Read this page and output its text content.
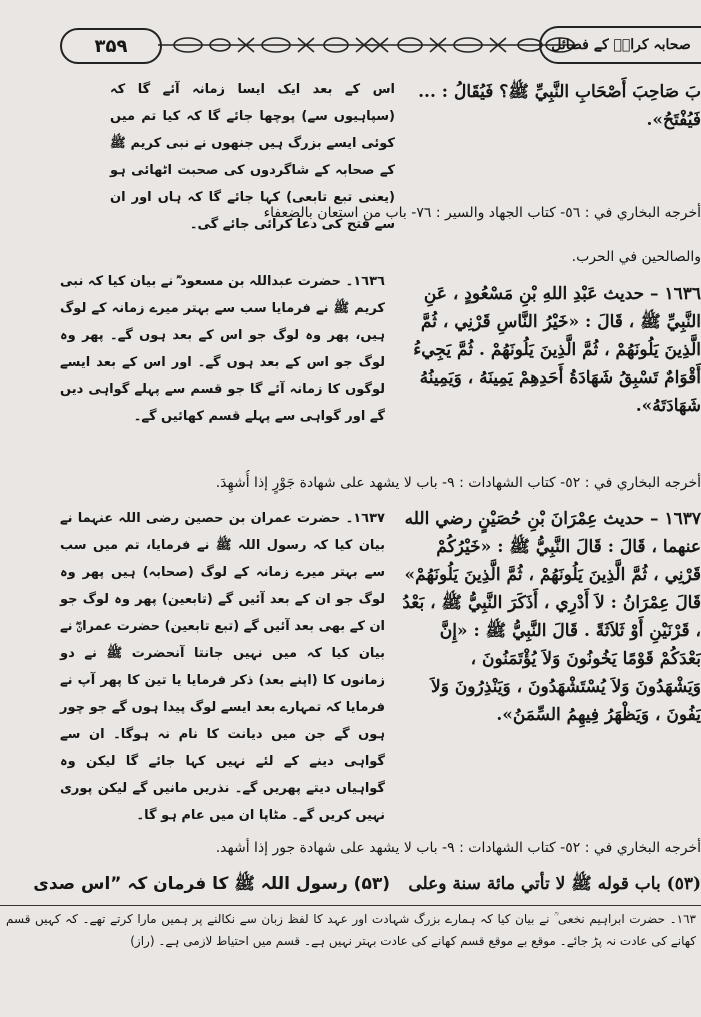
۳۵۹	صحابہ کرامؓ کے فضائل
بَ صَاحِبَ أَصْحَابِ النَّبِيِّ ﷺ؟ فَيُقَالُ : ... فَيُفْتَحُ».
اس کے بعد ایک ایسا زمانہ آئے گا کہ (سپاہیوں سے) پوچھا جائے گا کہ کیا تم میں کوئی ایسے بزرگ ہیں جنھوں نے نبی کریم ﷺ کے صحابہ کے شاگردوں کی صحبت اٹھائی ہو (یعنی تبع تابعی) کہا جائے گا کہ ہاں اور ان سے فتح کی دعا کرائی جائے گی۔
أخرجه البخاري في : ٥٦- كتاب الجهاد والسير : ٧٦- باب من استعان بالضعفاء
والصالحين في الحرب.
١٦٣٦ – حديث عَبْدِ اللهِ بْنِ مَسْعُودٍ ، عَنِ النَّبِيِّ ﷺ ، قَالَ : «خَيْرُ النَّاسِ قَرْنِي ، ثُمَّ الَّذِينَ يَلُونَهُمْ ، ثُمَّ الَّذِينَ يَلُونَهُمْ . ثُمَّ يَجِيءُ أَقْوَامٌ تَسْبِقُ شَهَادَةُ أَحَدِهِمْ يَمِينَهُ ، وَيَمِينُهُ شَهَادَتَهُ».
١٦٣٦۔ حضرت عبداللہ بن مسعود ؓ نے بیان کیا کہ نبی کریم ﷺ نے فرمایا سب سے بہتر میرے زمانہ کے لوگ ہیں، پھر وہ لوگ جو اس کے بعد ہوں گے۔ پھر وہ لوگ جو اس کے بعد ہوں گے۔ اور اس کے بعد ایسے لوگوں کا زمانہ آئے گا جو قسم سے پہلے گواہی دیں گے اور گواہی سے پہلے قسم کھائیں گے۔
أخرجه البخاري في : ٥٢- كتاب الشهادات : ٩- باب لا يشهد على شهادة جَوْرٍ إذا أُشهِدَ.
١٦٣٧ – حديث عِمْرَانَ بْنِ حُصَيْنٍ رضي الله عنهما ، قَالَ : قَالَ النَّبِيُّ ﷺ : «خَيْرُكُمْ قَرْنِي ، ثُمَّ الَّذِينَ يَلُونَهُمْ ، ثُمَّ الَّذِينَ يَلُونَهُمْ» قَالَ عِمْرَانُ : لاَ أَدْرِي ، أَذَكَرَ النَّبِيُّ ﷺ ، بَعْدُ ، قَرْنَيْنِ أَوْ ثَلاَثَةً . قَالَ النَّبِيُّ ﷺ : «إِنَّ بَعْدَكُمْ قَوْمًا يَخُونُونَ وَلاَ يُؤْتَمَنُونَ ، وَيَشْهَدُونَ وَلاَ يُسْتَشْهَدُونَ ، وَيَنْذِرُونَ وَلاَ يَفُونَ ، وَيَظْهَرُ فِيهِمُ السِّمَنُ».
١٦٣٧۔ حضرت عمران بن حصین رضی اللہ عنہما نے بیان کیا کہ رسول اللہ ﷺ نے فرمایا، تم میں سب سے بہتر میرے زمانہ کے لوگ (صحابہ) ہیں پھر وہ لوگ جو ان کے بعد آئیں گے (تابعین) پھر وہ لوگ جو ان کے بھی بعد آئیں گے (تبع تابعین) حضرت عمرانؓ نے بیان کیا کہ میں نہیں جانتا آنحضرت ﷺ نے دو زمانوں کا (اپنے بعد) ذکر فرمایا یا تین کا پھر آپ نے فرمایا کہ تمہارے بعد ایسے لوگ پیدا ہوں گے جو چور ہوں گے جن میں دیانت کا نام نہ ہوگا۔ ان سے گواہی دینے کے لئے نہیں کہا جائے گا لیکن وہ گواہیاں دیتے پھریں گے۔ نذریں مانیں گے لیکن پوری نہیں کریں گے۔ مٹاپا ان میں عام ہو گا۔
أخرجه البخاري في : ٥٢- كتاب الشهادات : ٩- باب لا يشهد على شهادة جور إذا أشهد.
(٥٣) باب قوله ﷺ لا تأتي مائة سنة وعلى
(۵۳) رسول اللہ ﷺ کا فرمان کہ ”اس صدی
١٦٣۔ حضرت ابراہیم نخعی ؒ نے بیان کیا کہ ہمارے بزرگ شہادت اور عہد کا لفظ زبان سے نکالنے پر ہمیں مارا کرتے تھے۔ کہ کہیں قسم کھانے کی عادت نہ پڑ جائے۔ موقع بے موقع قسم کھانے کی عادت بہتر نہیں ہے۔ قسم میں احتیاط لازمی ہے۔ (راز)
